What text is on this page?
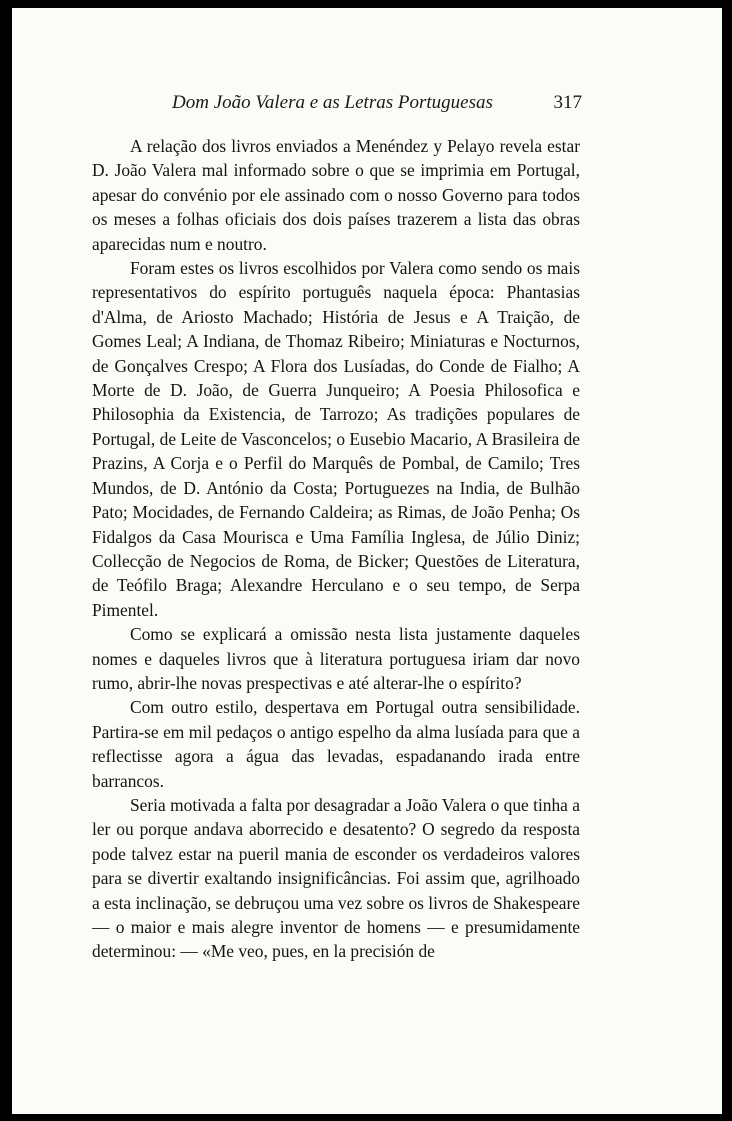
Dom João Valera e as Letras Portuguesas	317

A relação dos livros enviados a Menéndez y Pelayo revela estar D. João Valera mal informado sobre o que se imprimia em Portugal, apesar do convénio por ele assinado com o nosso Governo para todos os meses a folhas oficiais dos dois países trazerem a lista das obras aparecidas num e noutro.

Foram estes os livros escolhidos por Valera como sendo os mais representativos do espírito português naquela época: Phantasias d'Alma, de Ariosto Machado; História de Jesus e A Traição, de Gomes Leal; A Indiana, de Thomaz Ribeiro; Miniaturas e Nocturnos, de Gonçalves Crespo; A Flora dos Lusíadas, do Conde de Fialho; A Morte de D. João, de Guerra Junqueiro; A Poesia Philosofica e Philosophia da Existencia, de Tarrozo; As tradições populares de Portugal, de Leite de Vasconcelos; o Eusebio Macario, A Brasileira de Prazins, A Corja e o Perfil do Marquês de Pombal, de Camilo; Tres Mundos, de D. António da Costa; Portuguezes na India, de Bulhão Pato; Mocidades, de Fernando Caldeira; as Rimas, de João Penha; Os Fidalgos da Casa Mourisca e Uma Família Inglesa, de Júlio Diniz; Collecção de Negocios de Roma, de Bicker; Questões de Literatura, de Teófilo Braga; Alexandre Herculano e o seu tempo, de Serpa Pimentel.

Como se explicará a omissão nesta lista justamente daqueles nomes e daqueles livros que à literatura portuguesa iriam dar novo rumo, abrir-lhe novas prespectivas e até alterar-lhe o espírito?

Com outro estilo, despertava em Portugal outra sensibilidade. Partira-se em mil pedaços o antigo espelho da alma lusíada para que a reflectisse agora a água das levadas, espadanando irada entre barrancos.

Seria motivada a falta por desagradar a João Valera o que tinha a ler ou porque andava aborrecido e desatento? O segredo da resposta pode talvez estar na pueril mania de esconder os verdadeiros valores para se divertir exaltando insignificâncias. Foi assim que, agrilhoado a esta inclinação, se debruçou uma vez sobre os livros de Shakespeare — o maior e mais alegre inventor de homens — e presumidamente determinou: — «Me veo, pues, en la precisión de
